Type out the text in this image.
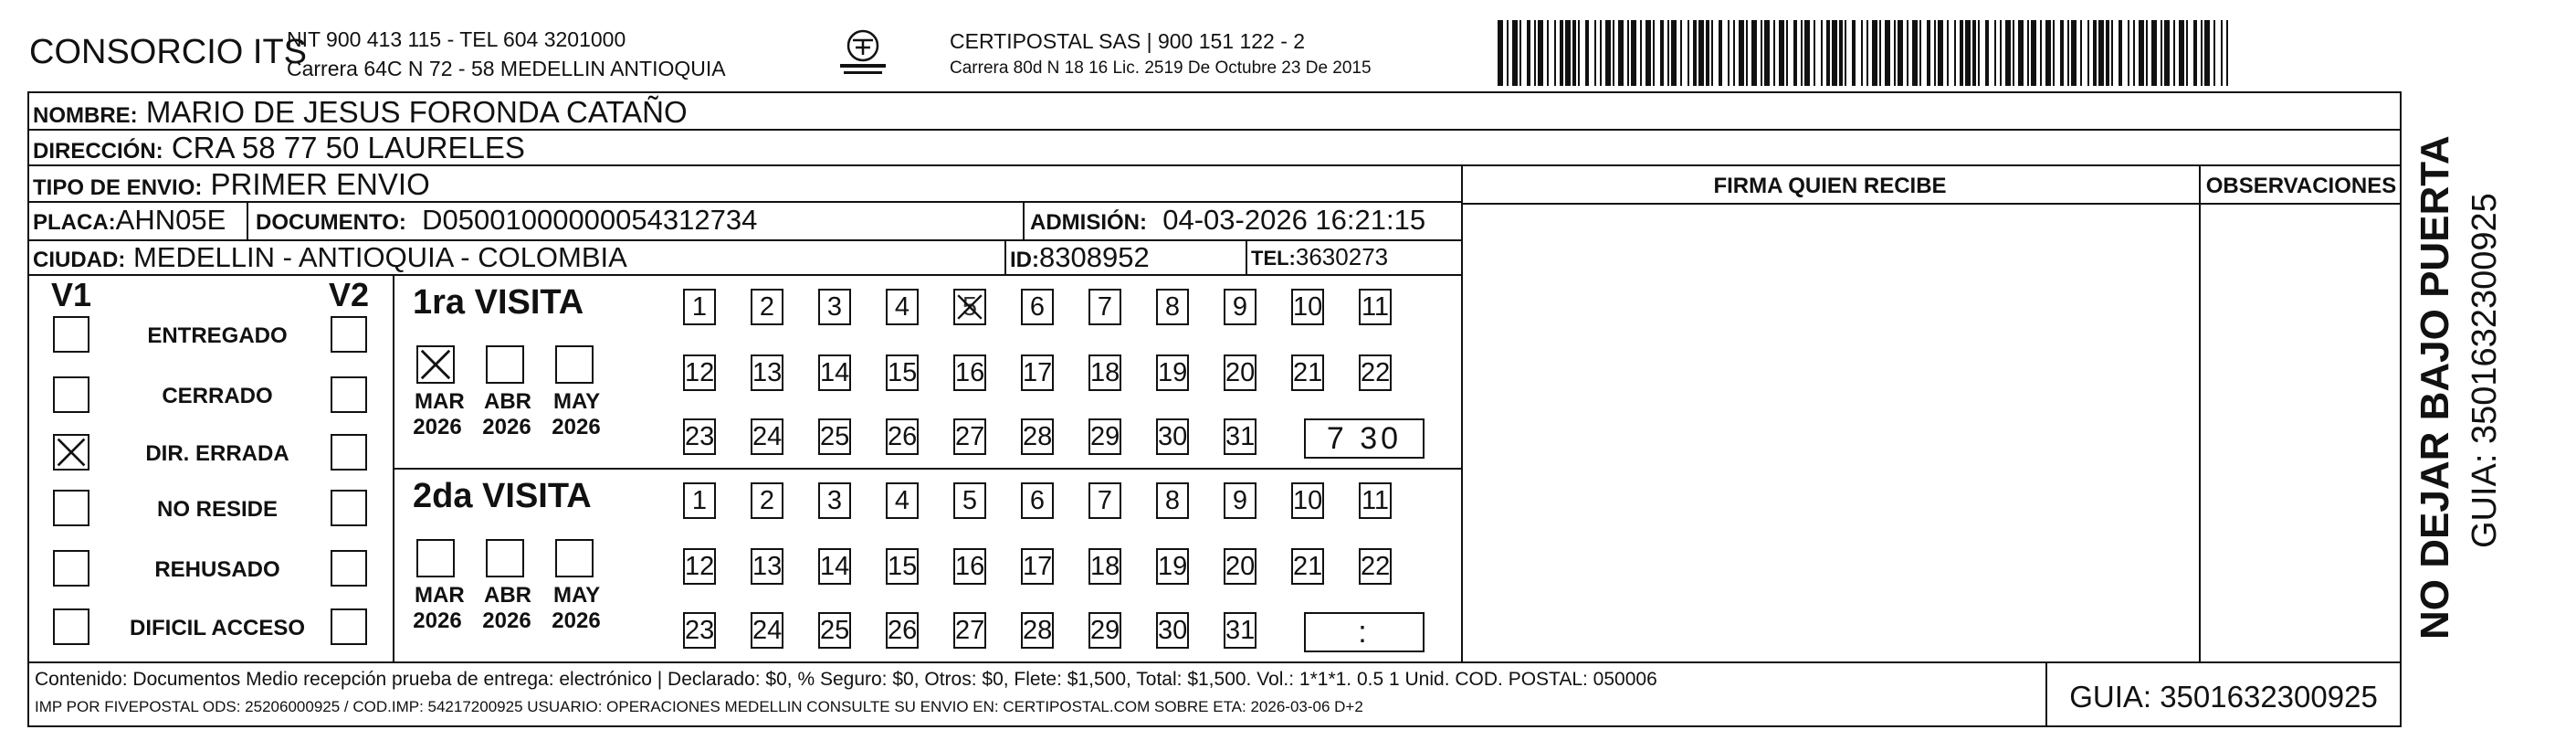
CONSORCIO ITS
NIT 900 413 115 - TEL 604 3201000
Carrera 64C N 72 - 58 MEDELLIN ANTIOQUIA
CERTIPOSTAL SAS | 900 151 122 - 2
Carrera 80d N 18 16 Lic. 2519 De Octubre 23 De 2015
NOMBRE: MARIO DE JESUS FORONDA CATAÑO
DIRECCIÓN: CRA 58 77 50 LAURELES
FIRMA QUIEN RECIBE	OBSERVACIONES
TIPO DE ENVIO: PRIMER ENVIO
PLACA:AHN05E DOCUMENTO: D05001000000054312734	ADMISIÓN: 04-03-2026 16:21:15
CIUDAD: MEDELLIN - ANTIOQUIA - COLOMBIA	ID:8308952	TEL:3630273
V1	V2
ENTREGADO
CERRADO
DIR. ERRADA
NO RESIDE
REHUSADO
DIFICIL ACCESO
1ra VISITA
MAR
2026
ABR
2026
MAY
2026
1	2	3	4	5	6	7	8	9	10 11
12 13 14 15 16 17 18 19 20 21 22
23 24 25 26 27 28 29 30 31	7 30
2da VISITA
MAR
2026
ABR
2026
MAY
2026
1	2	3	4	5	6	7	8	9	10 11
12 13 14 15 16 17 18 19 20 21 22
23 24 25 26 27 28 29 30 31	:
Contenido: Documentos Medio recepción prueba de entrega: electrónico | Declarado: $0, % Seguro: $0, Otros: $0, Flete: $1,500, Total: $1,500. Vol.: 1*1*1. 0.5 1 Unid. COD. POSTAL: 050006
IMP POR FIVEPOSTAL ODS: 25206000925 / COD.IMP: 54217200925 USUARIO: OPERACIONES MEDELLIN CONSULTE SU ENVIO EN: CERTIPOSTAL.COM SOBRE ETA: 2026-03-06 D+2	GUIA: 3501632300925
NO DEJAR BAJO PUERTA GUIA: 3501632300925
